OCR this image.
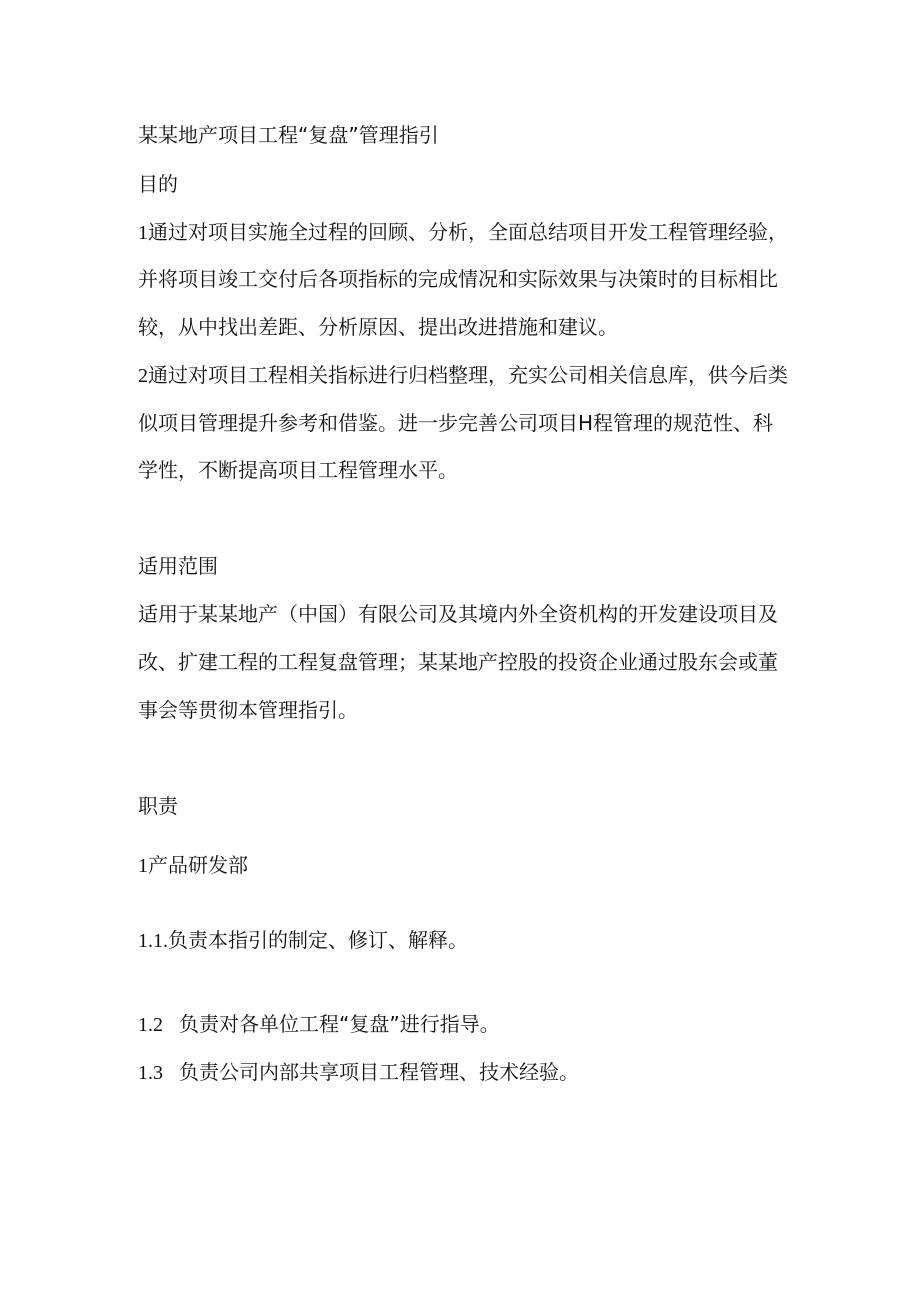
某某地产项目工程“复盘”管理指引
目的
1通过对项目实施全过程的回顾、分析，全面总结项目开发工程管理经验，
并将项目竣工交付后各项指标的完成情况和实际效果与决策时的目标相比
较，从中找出差距、分析原因、提出改进措施和建议。
2通过对项目工程相关指标进行归档整理，充实公司相关信息库，供今后类
似项目管理提升参考和借鉴。进一步完善公司项目H程管理的规范性、科
学性，不断提高项目工程管理水平。
适用范围
适用于某某地产（中国）有限公司及其境内外全资机构的开发建设项目及
改、扩建工程的工程复盘管理；某某地产控股的投资企业通过股东会或董
事会等贯彻本管理指引。
职责
1产品研发部
1.1.负责本指引的制定、修订、解释。
1.2 负责对各单位工程“复盘”进行指导。
1.3 负责公司内部共享项目工程管理、技术经验。
